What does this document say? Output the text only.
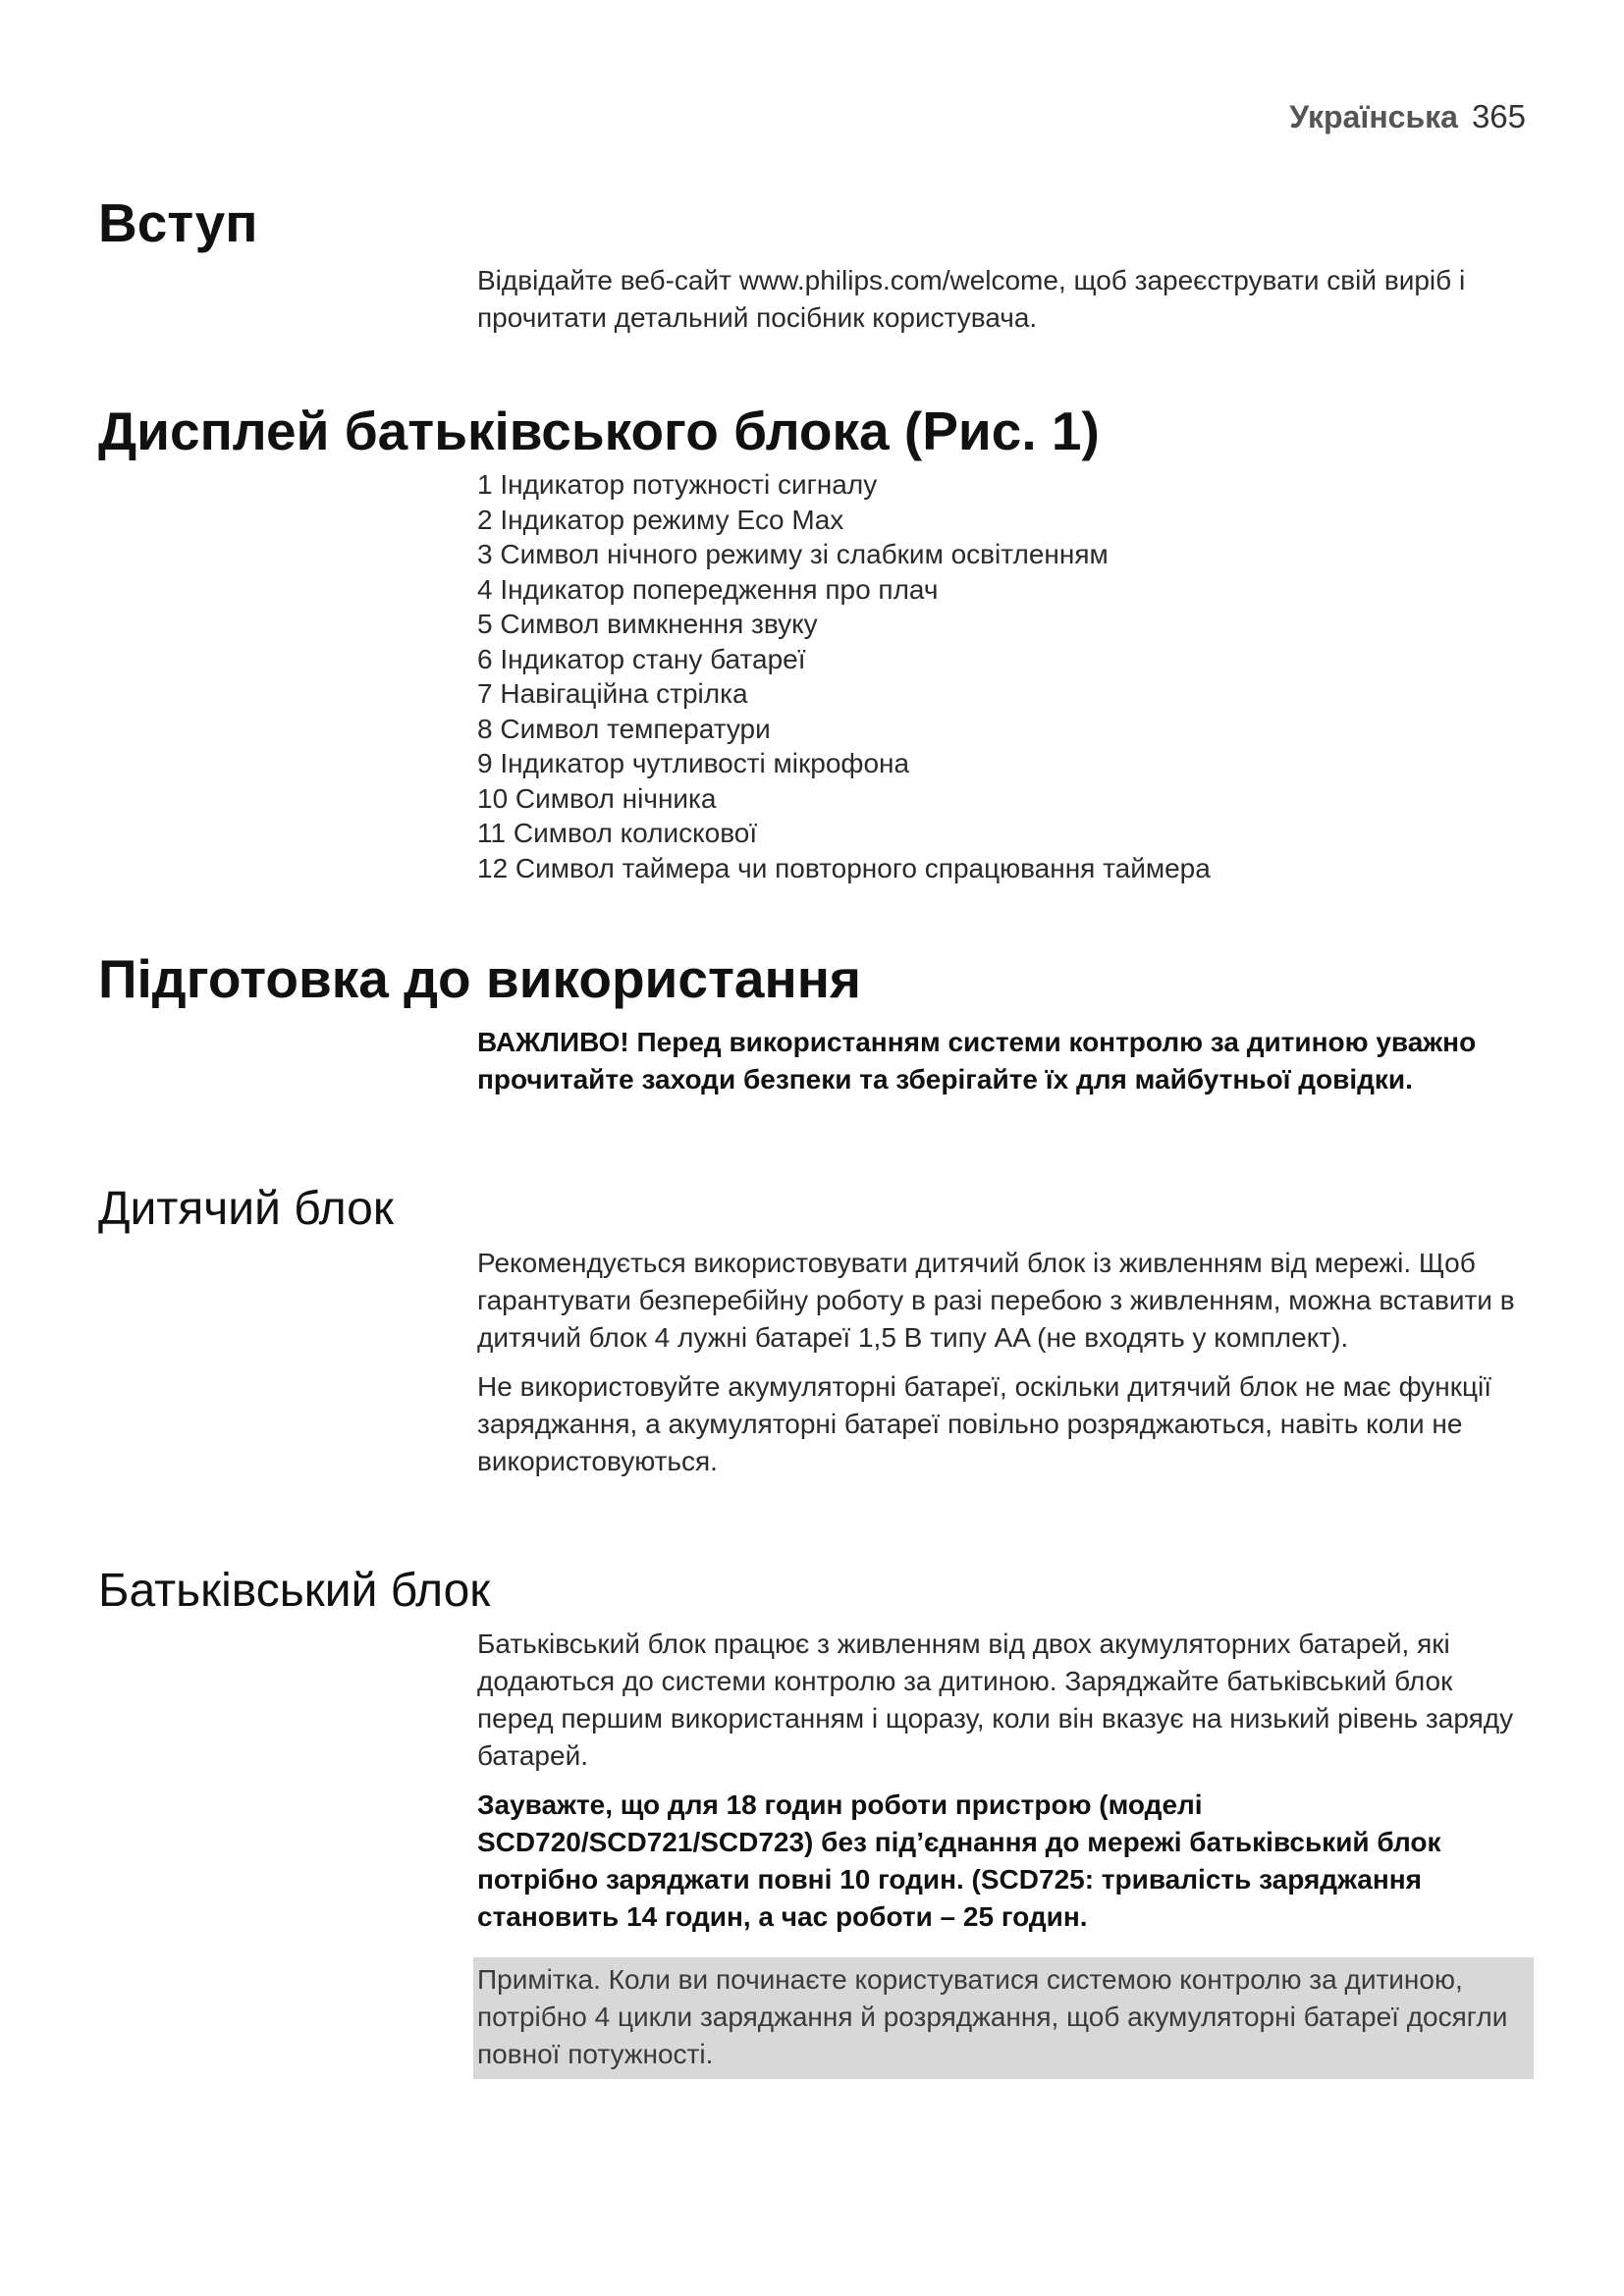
Українська 365
Вступ

Відвідайте веб-сайт www.philips.com/welcome, щоб зареєструвати свій виріб і прочитати детальний посібник користувача.

Дисплей батьківського блока (Рис. 1)
1 Індикатор потужності сигналу
2 Індикатор режиму Eco Max
3 Символ нічного режиму зі слабким освітленням
4 Індикатор попередження про плач
5 Символ вимкнення звуку
6 Індикатор стану батареї
7 Навігаційна стрілка
8 Символ температури
9 Індикатор чутливості мікрофона
10 Символ нічника
11 Символ колискової
12 Символ таймера чи повторного спрацювання таймера
Підготовка до використання

ВАЖЛИВО! Перед використанням системи контролю за дитиною уважно прочитайте заходи безпеки та зберігайте їх для майбутньої довідки.

Дитячий блок

Рекомендується використовувати дитячий блок із живленням від мережі. Щоб гарантувати безперебійну роботу в разі перебою з живленням, можна вставити в дитячий блок 4 лужні батареї 1,5 В типу AA (не входять у комплект).

Не використовуйте акумуляторні батареї, оскільки дитячий блок не має функції заряджання, а акумуляторні батареї повільно розряджаються, навіть коли не використовуються.

Батьківський блок

Батьківський блок працює з живленням від двох акумуляторних батарей, які додаються до системи контролю за дитиною. Заряджайте батьківський блок перед першим використанням і щоразу, коли він вказує на низький рівень заряду батарей.

Зауважте, що для 18 годин роботи пристрою (моделі SCD720/SCD721/SCD723) без під’єднання до мережі батьківський блок потрібно заряджати повні 10 годин. (SCD725: тривалість заряджання становить 14 годин, а час роботи – 25 годин.

Примітка. Коли ви починаєте користуватися системою контролю за дитиною, потрібно 4 цикли заряджання й розряджання, щоб акумуляторні батареї досягли повної потужності.
